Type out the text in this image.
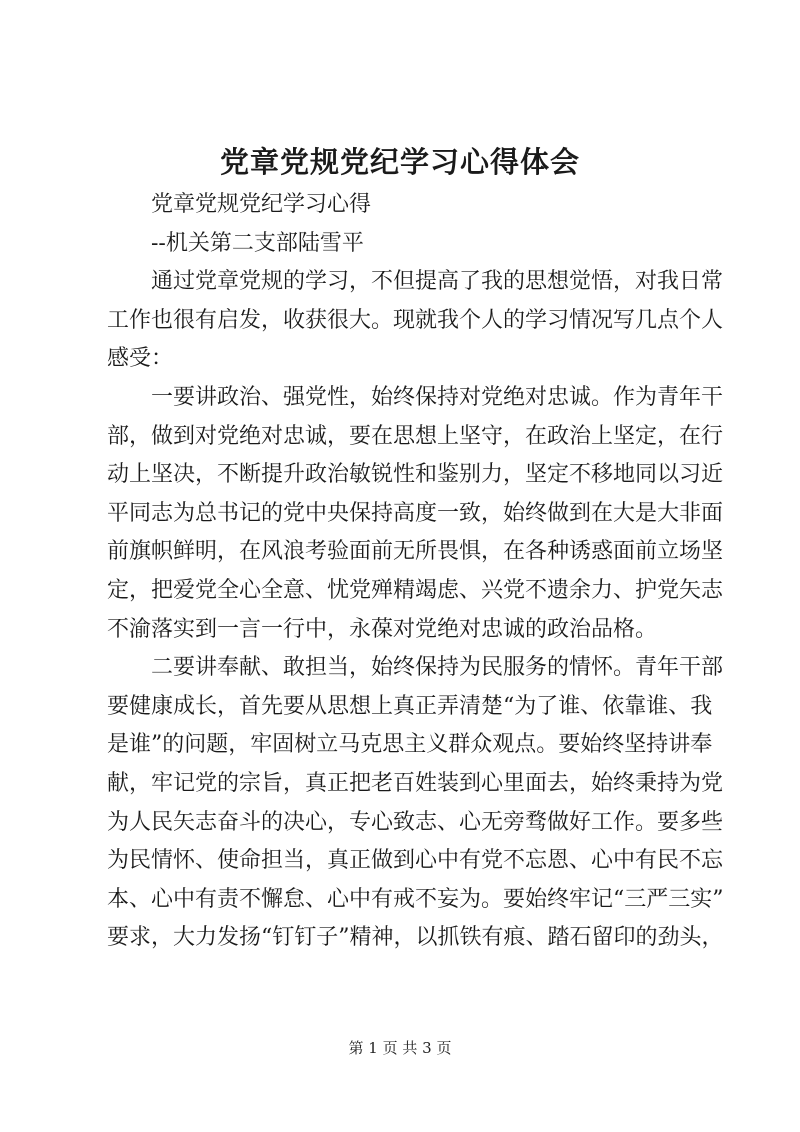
党章党规党纪学习心得体会
党章党规党纪学习心得
--机关第二支部陆雪平
通过党章党规的学习，不但提高了我的思想觉悟，对我日常
工作也很有启发，收获很大。现就我个人的学习情况写几点个人
感受：
一要讲政治、强党性，始终保持对党绝对忠诚。作为青年干
部，做到对党绝对忠诚，要在思想上坚守，在政治上坚定，在行
动上坚决，不断提升政治敏锐性和鉴别力，坚定不移地同以习近
平同志为总书记的党中央保持高度一致，始终做到在大是大非面
前旗帜鲜明，在风浪考验面前无所畏惧，在各种诱惑面前立场坚
定，把爱党全心全意、忧党殚精竭虑、兴党不遗余力、护党矢志
不渝落实到一言一行中，永葆对党绝对忠诚的政治品格。
二要讲奉献、敢担当，始终保持为民服务的情怀。青年干部
要健康成长，首先要从思想上真正弄清楚“为了谁、依靠谁、我
是谁”的问题，牢固树立马克思主义群众观点。要始终坚持讲奉
献，牢记党的宗旨，真正把老百姓装到心里面去，始终秉持为党
为人民矢志奋斗的决心，专心致志、心无旁骛做好工作。要多些
为民情怀、使命担当，真正做到心中有党不忘恩、心中有民不忘
本、心中有责不懈怠、心中有戒不妄为。要始终牢记“三严三实”
要求，大力发扬“钉钉子”精神，以抓铁有痕、踏石留印的劲头，
第 1 页 共 3 页
